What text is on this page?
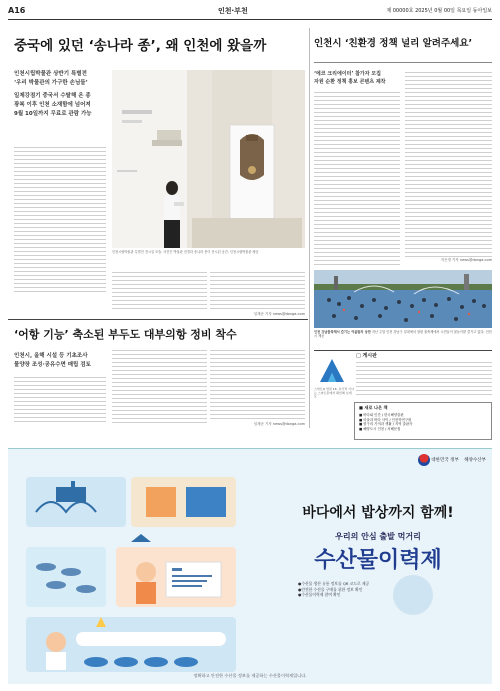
A16	인천·부천	제 00000호 2025년 0월 00일 목요일 동아일보
중국에 있던 ‘송나라 종’, 왜 인천에 왔을까
인천시립박물관 상반기 특별전
‘우리 박물관의 가구한 손님들’
일제강점기 중국서 수탈해 온 종
광복 이후 인천 소재함에 넘어져
9월 10일까지 무료로 관람 가능
인천시립박물관 특별전 전시실 모습. 사진은 박물관 전경과 송나라 종이 전시된 공간. 인천시립박물관 제공
임재준 기자 news@donga.com
‘어항 기능’ 축소된 부두도 대부의항 정비 착수
인천시, 올해 시설 등 기초조사
물양장 조성·공유수면 매립 검토
임재준 기자 news@donga.com
인천시 ‘친환경 정책 널리 알려주세요’
‘에코 크리에이터’ 참가자 모집
자원 순환 정책 홍보 콘텐츠 제작
지은경 기자 news@donga.com
인천 강남물축제서 즐기는 여름밤의 낭만 지난 주말 인천 강남구 일대에서 열린 물축제에서 시민들이 물놀이를 즐기고 있다. 인천시 제공
스마트Q 연결 18. 유기적 기사는 스마트폰에서 확인해 보세요
□ 게시판
■ 새로 나온 책
■ 바다와 인간 / 한국해양출판
■ 마을과 바다 사이 / 인천학연구원
■ 항구의 기억과 생활 / 지역 출판사
■ 해양도시 인천 / 서해문집
대한민국 정부 해양수산부
바다에서 밥상까지 함께!
우리의 안심 출발 먹거리
수산물이력제
●수산물 생산 유통 정보를 QR 코드로 제공
●안전한 수산물 구매를 위한 정보 확인
●수산물이력제 참여 확인
정확하고 안전한 수산물 정보를 제공하는 수산물이력제입니다.
